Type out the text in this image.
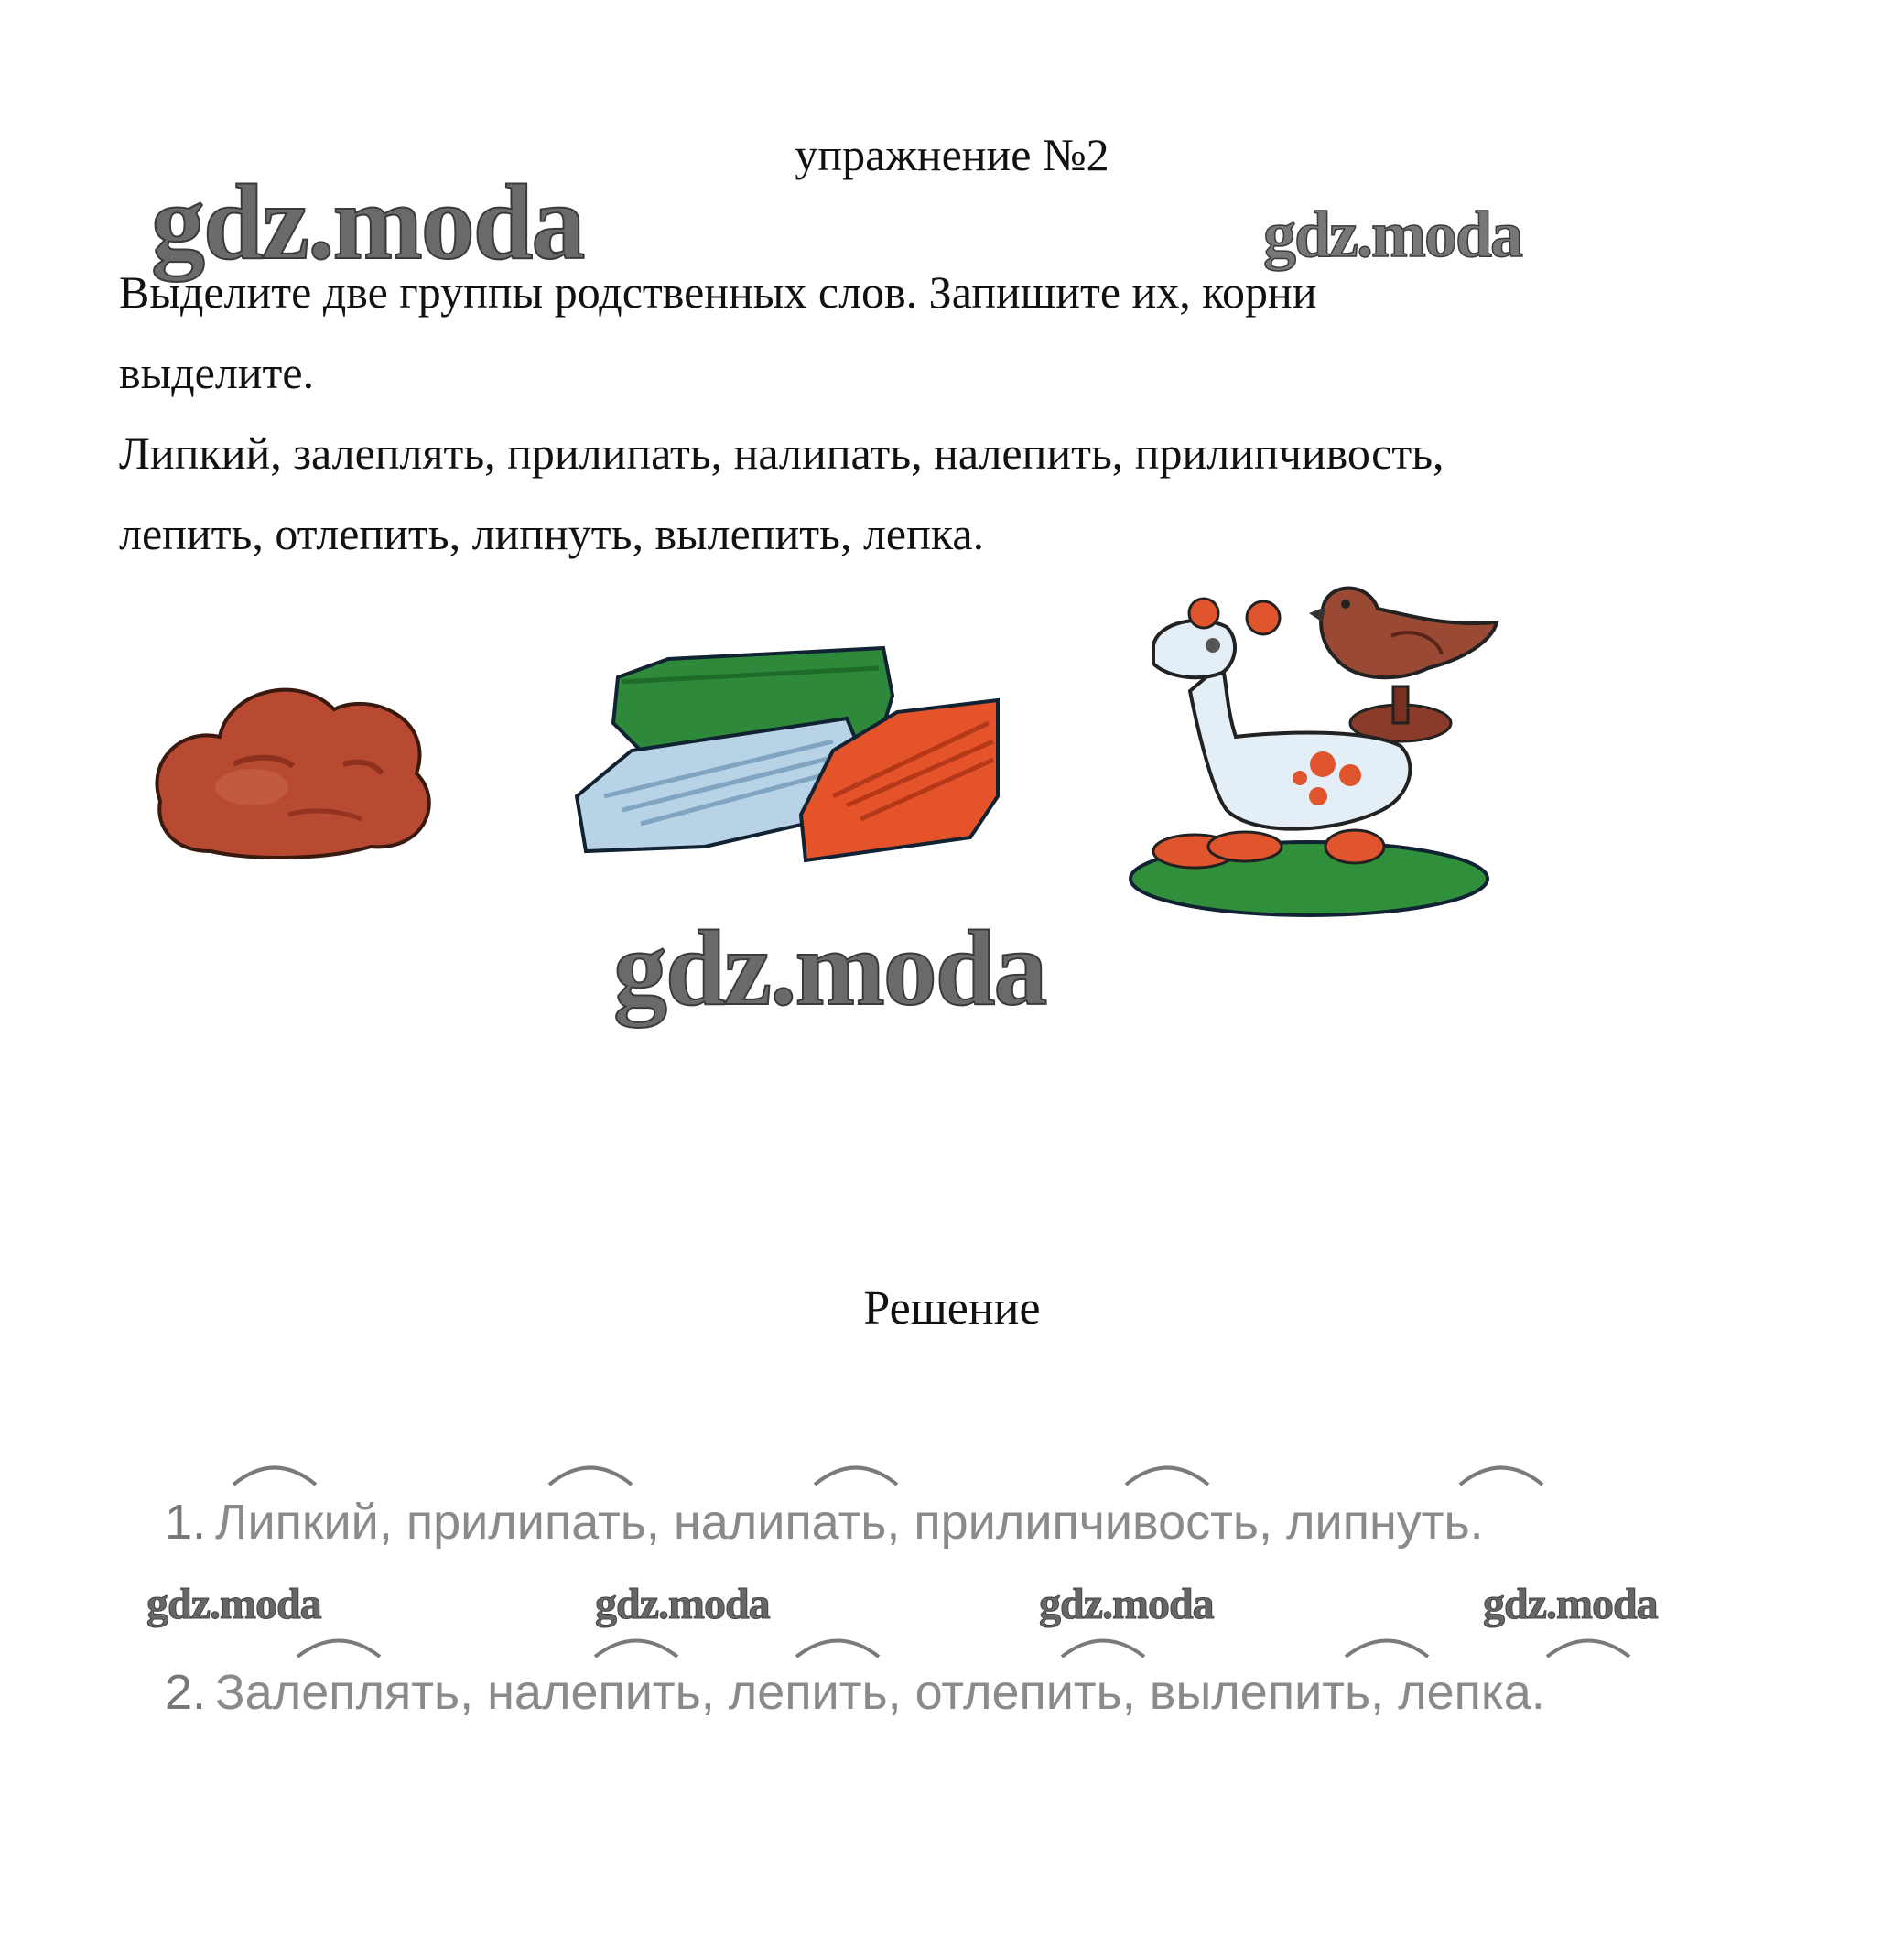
упражнение №2
gdz.moda	gdz.moda

Выделите две группы родственных слов. Запишите их, корни

выделите.

Липкий, залеплять, прилипать, налипать, налепить, прилипчивость,

лепить, отлепить, липнуть, вылепить, лепка.

gdz.moda
Решение
1. Липкий, прилипать, налипать, прилипчивость, липнуть.
gdz.moda	gdz.moda	gdz.moda	gdz.moda
2. Залеплять, налепить, лепить, отлепить, вылепить, лепка.
